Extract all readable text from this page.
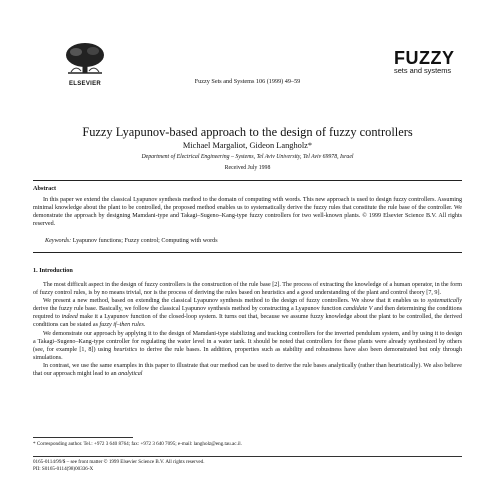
ELSEVIER	Fuzzy Sets and Systems 106 (1999) 49–59
FUZZY
sets and systems
Fuzzy Lyapunov-based approach to the design of fuzzy controllers
Michael Margaliot, Gideon Langholz*
Department of Electrical Engineering – Systems, Tel Aviv University, Tel Aviv 69978, Israel
Received July 1998
Abstract

In this paper we extend the classical Lyapunov synthesis method to the domain of computing with words. This new approach is used to design fuzzy controllers. Assuming minimal knowledge about the plant to be controlled, the proposed method enables us to systematically derive the fuzzy rules that constitute the rule base of the controller. We demonstrate the approach by designing Mamdani-type and Takagi–Sugeno–Kang-type fuzzy controllers for two well-known plants. © 1999 Elsevier Science B.V. All rights reserved.

Keywords: Lyapunov functions; Fuzzy control; Computing with words
1. Introduction

The most difficult aspect in the design of fuzzy controllers is the construction of the rule base [2]. The process of extracting the knowledge of a human operator, in the form of fuzzy control rules, is by no means trivial, nor is the process of deriving the rules based on heuristics and a good understanding of the plant and control theory [7, 9].

We present a new method, based on extending the classical Lyapunov synthesis method to the design of fuzzy controllers. We show that it enables us to systematically derive the fuzzy rule base. Basically, we follow the classical Lyapunov synthesis method by constructing a Lyapunov function candidate V and then determining the conditions required to indeed make it a Lyapunov function of the closed-loop system. It turns out that, because we assume fuzzy knowledge about the plant to be controlled, the derived conditions can be stated as fuzzy if–then rules.

We demonstrate our approach by applying it to the design of Mamdani-type stabilizing and tracking controllers for the inverted pendulum system, and by using it to design a Takagi–Sugeno–Kang-type controller for regulating the water level in a water tank. It should be noted that controllers for these plants were already synthesized by others (see, for example [1, 8]) using heuristics to derive the rule bases. In addition, properties such as stability and robustness have also been demonstrated but only through simulations.

In contrast, we use the same examples in this paper to illustrate that our method can be used to derive the rule bases analytically (rather than heuristically). We also believe that our approach might lead to an analytical

* Corresponding author. Tel.: +972 3 640 8764; fax: +972 3 640 7095; e-mail: langholz@eng.tau.ac.il.
0165-0114/99/$ – see front matter © 1999 Elsevier Science B.V. All rights reserved.
PII: S0165-0114(98)00336-X
